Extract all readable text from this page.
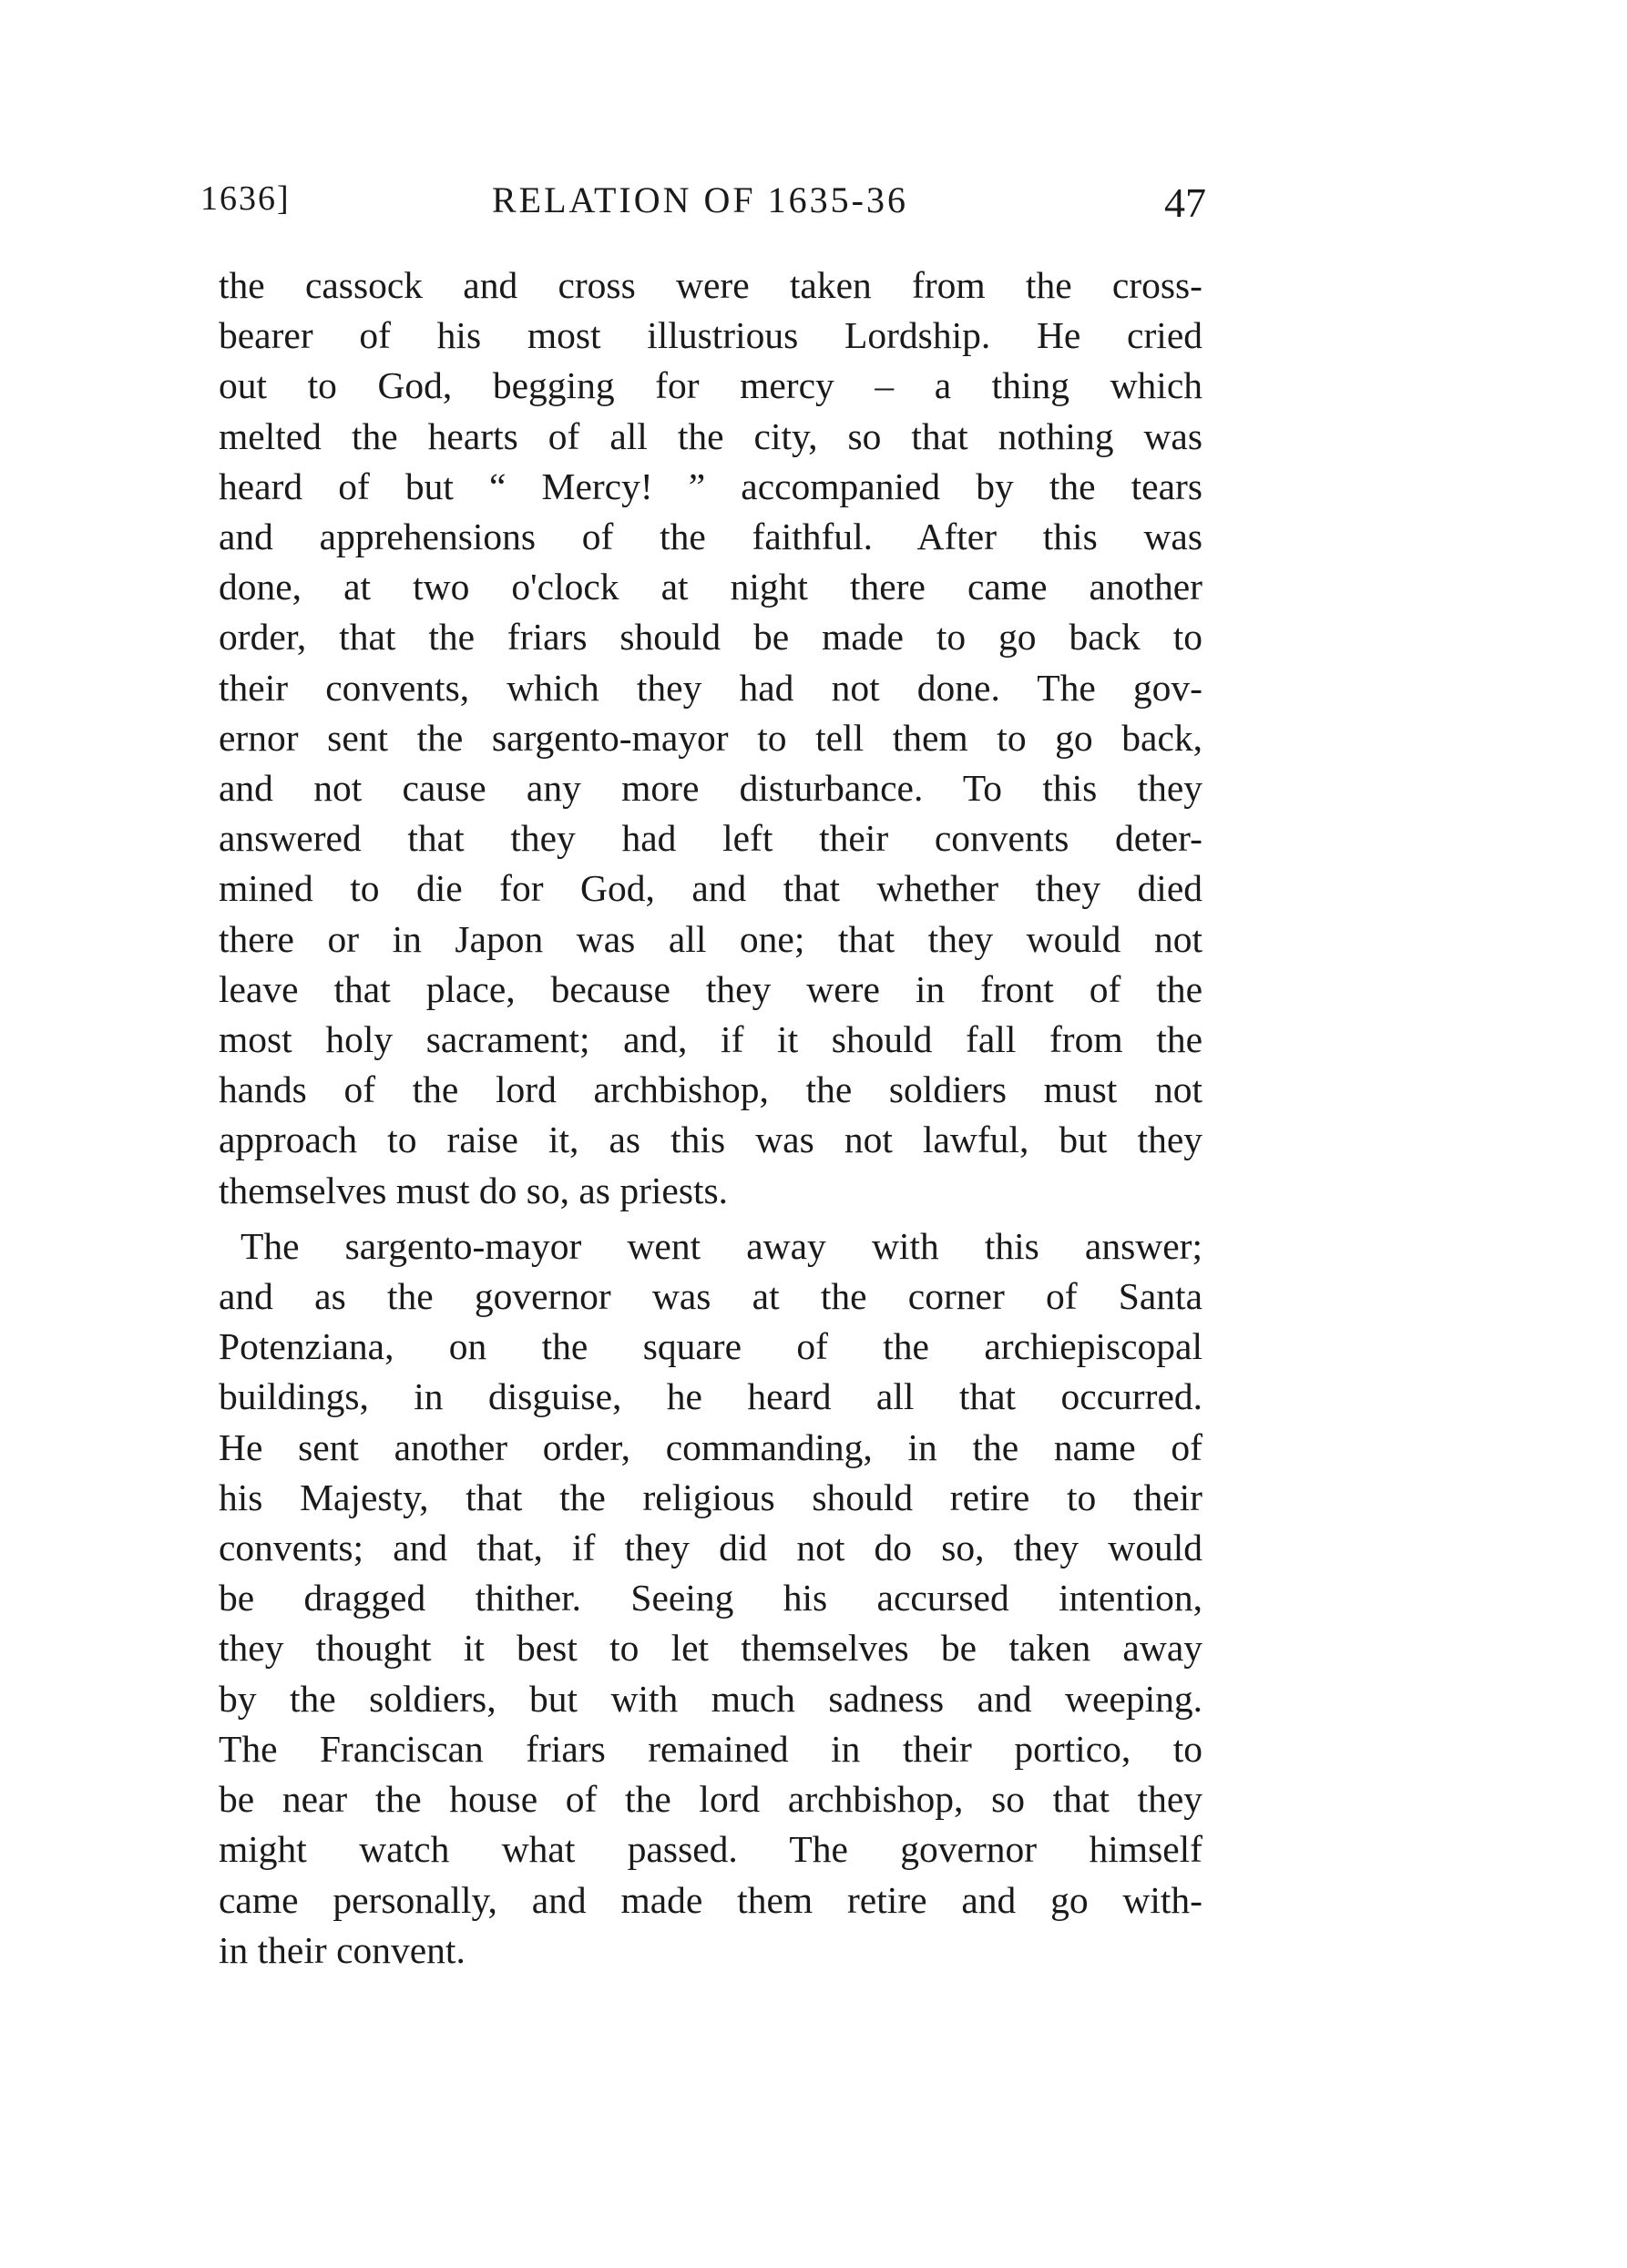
1636]	RELATION OF 1635-36	47
the cassock and cross were taken from the cross-
bearer of his most illustrious Lordship. He cried
out to God, begging for mercy – a thing which
melted the hearts of all the city, so that nothing was
heard of but “ Mercy! ” accompanied by the tears
and apprehensions of the faithful. After this was
done, at two o'clock at night there came another
order, that the friars should be made to go back to
their convents, which they had not done. The gov-
ernor sent the sargento-mayor to tell them to go back,
and not cause any more disturbance. To this they
answered that they had left their convents deter-
mined to die for God, and that whether they died
there or in Japon was all one; that they would not
leave that place, because they were in front of the
most holy sacrament; and, if it should fall from the
hands of the lord archbishop, the soldiers must not
approach to raise it, as this was not lawful, but they
themselves must do so, as priests.
The sargento-mayor went away with this answer;
and as the governor was at the corner of Santa
Potenziana, on the square of the archiepiscopal
buildings, in disguise, he heard all that occurred.
He sent another order, commanding, in the name of
his Majesty, that the religious should retire to their
convents; and that, if they did not do so, they would
be dragged thither. Seeing his accursed intention,
they thought it best to let themselves be taken away
by the soldiers, but with much sadness and weeping.
The Franciscan friars remained in their portico, to
be near the house of the lord archbishop, so that they
might watch what passed. The governor himself
came personally, and made them retire and go with-
in their convent.
